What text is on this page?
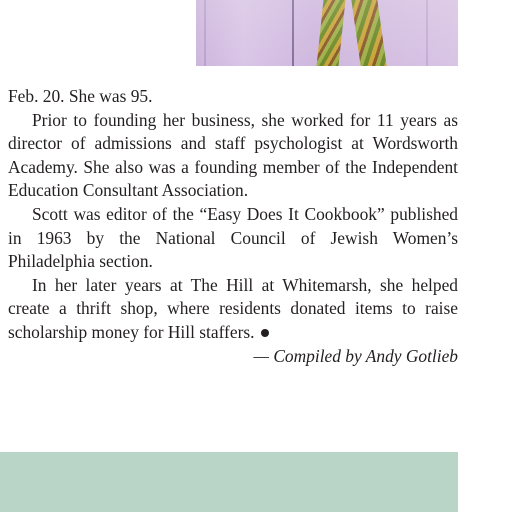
Feb. 20. She was 95.

Prior to founding her business, she worked for 11 years as director of admissions and staff psychologist at Wordsworth Academy. She also was a founding member of the Independent Education Consultant Association.

Scott was editor of the “Easy Does It Cookbook” published in 1963 by the National Council of Jewish Women’s Philadelphia section.

In her later years at The Hill at Whitemarsh, she helped create a thrift shop, where residents donated items to raise scholarship money for Hill staffers.

— Compiled by Andy Gotlieb
